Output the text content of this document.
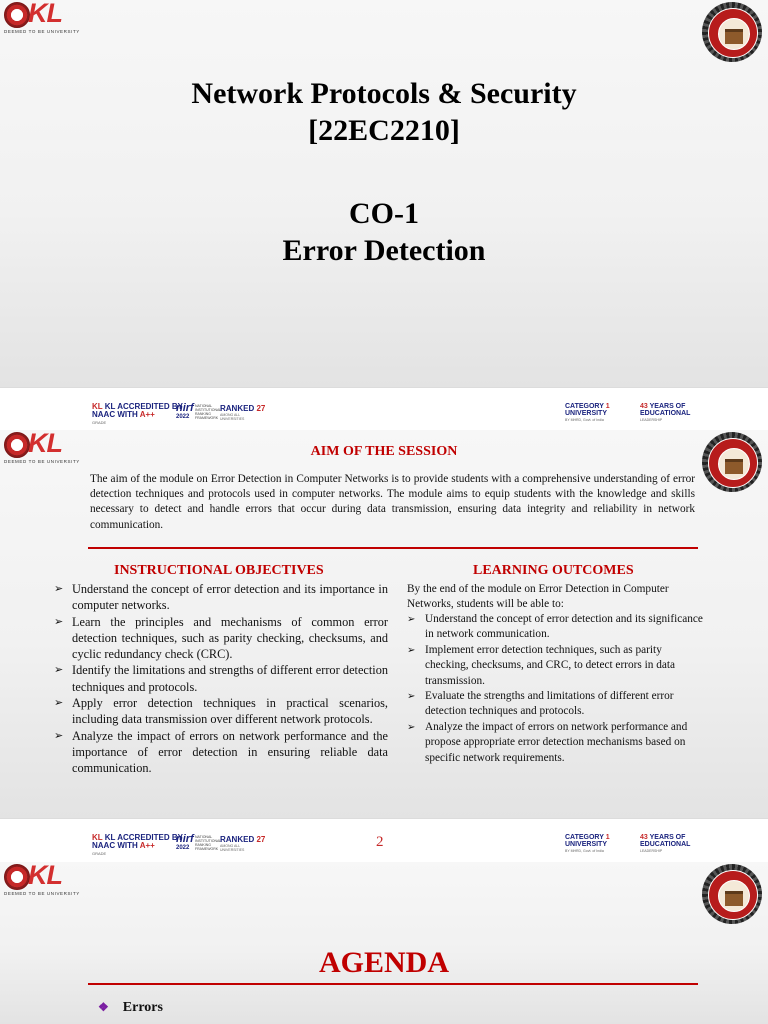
KL
DEEMED TO BE UNIVERSITY
Network Protocols & Security
[22EC2210]
CO-1
Error Detection
KL KL ACCREDITED BY
NAAC WITH A++
GRADE
nirf
2022
NATIONAL INSTITUTIONAL RANKING FRAMEWORK
RANKED 27
AMONG ALL UNIVERSITIES
CATEGORY 1
UNIVERSITY
BY MHRD, Govt. of India
43 YEARS OF
EDUCATIONAL
LEADERSHIP
KL
DEEMED TO BE UNIVERSITY
AIM OF THE SESSION
The aim of the module on Error Detection in Computer Networks is to provide students with a comprehensive understanding of error detection techniques and protocols used in computer networks. The module aims to equip students with the knowledge and skills necessary to detect and handle errors that occur during data transmission, ensuring data integrity and reliability in network communication.
INSTRUCTIONAL OBJECTIVES	LEARNING OUTCOMES
➢ Understand the concept of error detection and its importance in computer networks.
➢ Learn the principles and mechanisms of common error detection techniques, such as parity checking, checksums, and cyclic redundancy check (CRC).
➢ Identify the limitations and strengths of different error detection techniques and protocols.
➢ Apply error detection techniques in practical scenarios, including data transmission over different network protocols.
➢ Analyze the impact of errors on network performance and the importance of error detection in ensuring reliable data communication.
By the end of the module on Error Detection in Computer Networks, students will be able to:
➢ Understand the concept of error detection and its significance in network communication.
➢ Implement error detection techniques, such as parity checking, checksums, and CRC, to detect errors in data transmission.
➢ Evaluate the strengths and limitations of different error detection techniques and protocols.
➢ Analyze the impact of errors on network performance and propose appropriate error detection mechanisms based on specific network requirements.
KL KL ACCREDITED BY
NAAC WITH A++
GRADE
nirf
2022
NATIONAL INSTITUTIONAL RANKING FRAMEWORK
RANKED 27
AMONG ALL UNIVERSITIES	2	CATEGORY 1
UNIVERSITY
BY MHRD, Govt. of India
43 YEARS OF
EDUCATIONAL
LEADERSHIP
KL
DEEMED TO BE UNIVERSITY
AGENDA
❖ Errors
